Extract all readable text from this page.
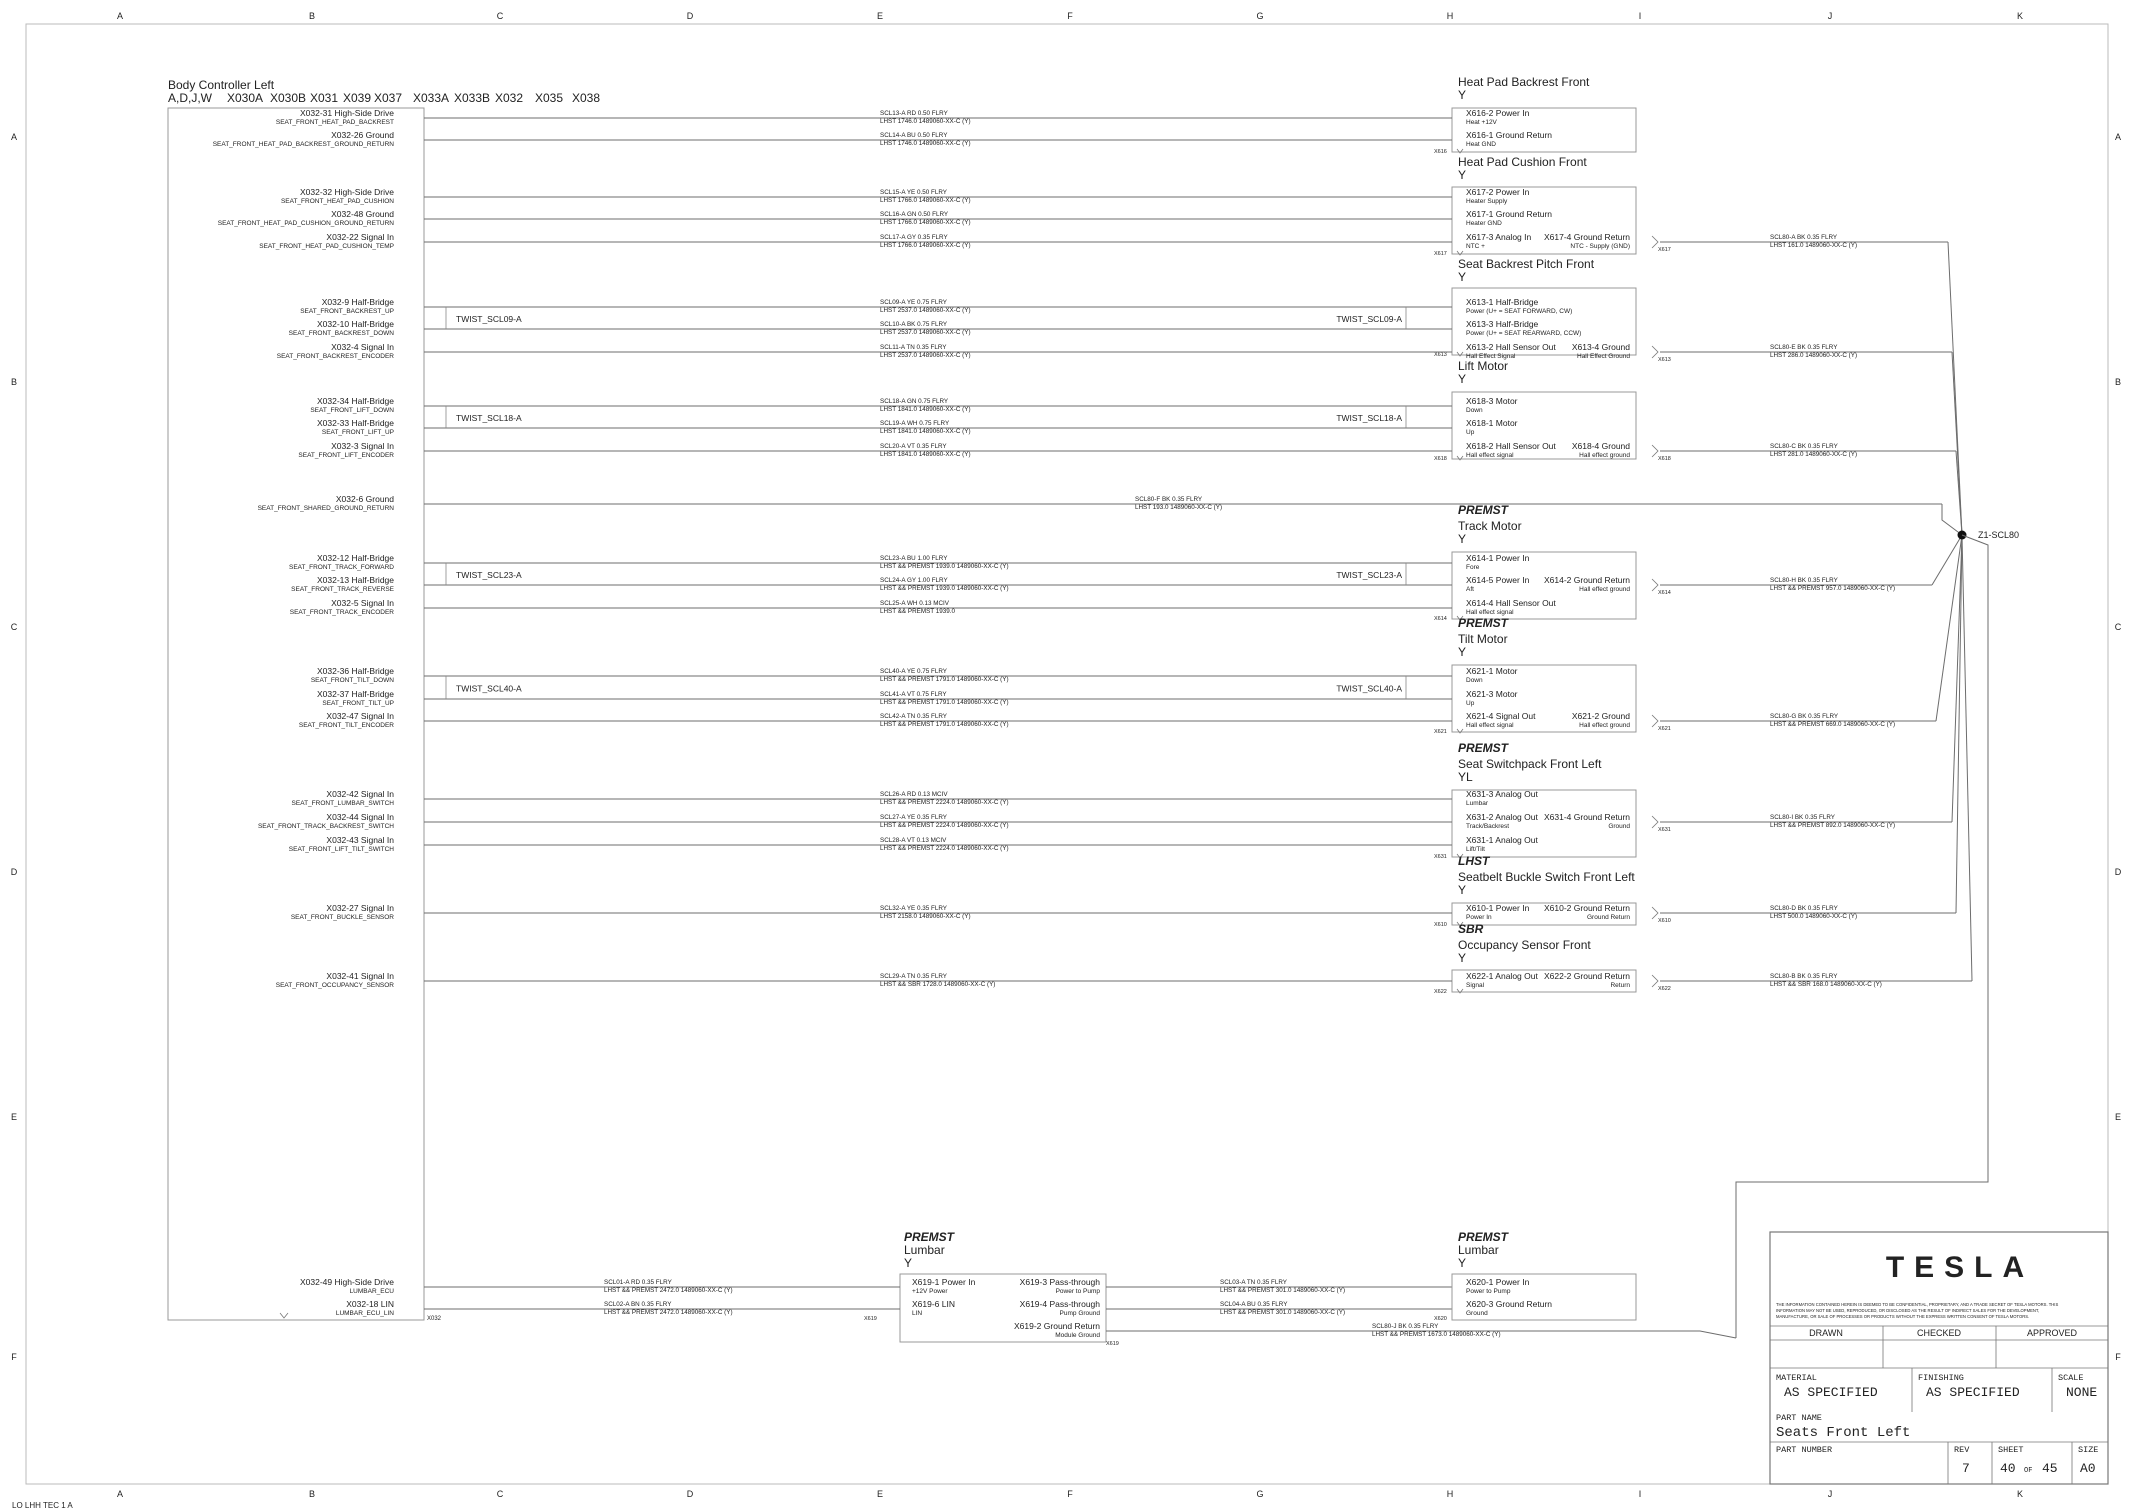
A
A
B
B
C
C
D
D
E
E
F
F
G
G
H
H
I
I
J
J
K
K
A	A
B	B
C	C
D	D
E	E
F	F
Body Controller Left
A,D,J,W X030A X030B X031 X039 X037 X033A X033B X032 X035 X038
X032
X032-31 High-Side Drive
SEAT_FRONT_HEAT_PAD_BACKREST
X032-26 Ground
SEAT_FRONT_HEAT_PAD_BACKREST_GROUND_RETURN
X032-32 High-Side Drive
SEAT_FRONT_HEAT_PAD_CUSHION
X032-48 Ground
SEAT_FRONT_HEAT_PAD_CUSHION_GROUND_RETURN
X032-22 Signal In
SEAT_FRONT_HEAT_PAD_CUSHION_TEMP
X032-9 Half-Bridge
SEAT_FRONT_BACKREST_UP
X032-10 Half-Bridge
SEAT_FRONT_BACKREST_DOWN
X032-4 Signal In
SEAT_FRONT_BACKREST_ENCODER
X032-34 Half-Bridge
SEAT_FRONT_LIFT_DOWN
X032-33 Half-Bridge
SEAT_FRONT_LIFT_UP
X032-3 Signal In
SEAT_FRONT_LIFT_ENCODER
X032-6 Ground
SEAT_FRONT_SHARED_GROUND_RETURN
X032-12 Half-Bridge
SEAT_FRONT_TRACK_FORWARD
X032-13 Half-Bridge
SEAT_FRONT_TRACK_REVERSE
X032-5 Signal In
SEAT_FRONT_TRACK_ENCODER
X032-36 Half-Bridge
SEAT_FRONT_TILT_DOWN
X032-37 Half-Bridge
SEAT_FRONT_TILT_UP
X032-47 Signal In
SEAT_FRONT_TILT_ENCODER
X032-42 Signal In
SEAT_FRONT_LUMBAR_SWITCH
X032-44 Signal In
SEAT_FRONT_TRACK_BACKREST_SWITCH
X032-43 Signal In
SEAT_FRONT_LIFT_TILT_SWITCH
X032-27 Signal In
SEAT_FRONT_BUCKLE_SENSOR
X032-41 Signal In
SEAT_FRONT_OCCUPANCY_SENSOR
X032-49 High-Side Drive
LUMBAR_ECU
X032-18 LIN
LUMBAR_ECU_LIN
Heat Pad Backrest Front
Y
X616-2 Power In
Heat +12V
X616-1 Ground Return
Heat GND
X616
Heat Pad Cushion Front
Y
X617-2 Power In
Heater Supply
X617-1 Ground Return
Heater GND
X617-3 Analog In
NTC +
X617-4 Ground Return
NTC - Supply (GND)
X617
Seat Backrest Pitch Front
Y
X613-1 Half-Bridge
Power (U+ = SEAT FORWARD, CW)
X613-3 Half-Bridge
Power (U+ = SEAT REARWARD, CCW)
X613-2 Hall Sensor Out
Hall Effect Signal
X613-4 Ground
Hall Effect Ground
X613
Lift Motor
Y
X618-3 Motor
Down
X618-1 Motor
Up
X618-2 Hall Sensor Out
Hall effect signal
X618-4 Ground
Hall effect ground
X618
PREMST
Track Motor
Y
X614-1 Power In
Fore
X614-5 Power In
Aft
X614-4 Hall Sensor Out
Hall effect signal
X614-2 Ground Return
Hall effect ground
X614 PREMST
Tilt Motor
Y
X621-1 Motor
Down
X621-3 Motor
Up
X621-4 Signal Out
Hall effect signal
X621-2 Ground
Hall effect ground
X621
PREMST
Seat Switchpack Front Left
YL
X631-3 Analog Out
Lumbar
X631-2 Analog Out
Track/Backrest
X631-1 Analog Out
Lift/Tilt
X631-4 Ground Return
Ground
X631 LHST
Seatbelt Buckle Switch Front Left
Y
X610-1 Power In
Power In
X610-2 Ground Return
Ground Return
X610 SBR
Occupancy Sensor Front
Y
X622-1 Analog Out
Signal
X622-2 Ground Return
Return
X622
SCL13-A RD 0.50 FLRY
LHST 1746.0 1489060-XX-C (Y)
SCL14-A BU 0.50 FLRY
LHST 1746.0 1489060-XX-C (Y)
SCL15-A YE 0.50 FLRY
LHST 1766.0 1489060-XX-C (Y)
SCL16-A GN 0.50 FLRY
LHST 1766.0 1489060-XX-C (Y)
SCL17-A GY 0.35 FLRY
LHST 1766.0 1489060-XX-C (Y)
SCL09-A YE 0.75 FLRY
LHST 2537.0 1489060-XX-C (Y)
SCL10-A BK 0.75 FLRY
LHST 2537.0 1489060-XX-C (Y)
SCL11-A TN 0.35 FLRY
LHST 2537.0 1489060-XX-C (Y)
SCL18-A GN 0.75 FLRY
LHST 1841.0 1489060-XX-C (Y)
SCL19-A WH 0.75 FLRY
LHST 1841.0 1489060-XX-C (Y)
SCL20-A VT 0.35 FLRY
LHST 1841.0 1489060-XX-C (Y)
SCL80-F BK 0.35 FLRY
LHST 193.0 1489060-XX-C (Y)
SCL23-A BU 1.00 FLRY
LHST && PREMST 1939.0 1489060-XX-C (Y)
SCL24-A GY 1.00 FLRY
LHST && PREMST 1939.0 1489060-XX-C (Y)
SCL25-A WH 0.13 MCIV
LHST && PREMST 1939.0
SCL40-A YE 0.75 FLRY
LHST && PREMST 1791.0 1489060-XX-C (Y)
SCL41-A VT 0.75 FLRY
LHST && PREMST 1791.0 1489060-XX-C (Y)
SCL42-A TN 0.35 FLRY
LHST && PREMST 1791.0 1489060-XX-C (Y)
SCL26-A RD 0.13 MCIV
LHST && PREMST 2224.0 1489060-XX-C (Y)
SCL27-A YE 0.35 FLRY
LHST && PREMST 2224.0 1489060-XX-C (Y)
SCL28-A VT 0.13 MCIV
LHST && PREMST 2224.0 1489060-XX-C (Y)
SCL32-A YE 0.35 FLRY
LHST 2158.0 1489060-XX-C (Y)
SCL29-A TN 0.35 FLRY
LHST && SBR 1728.0 1489060-XX-C (Y)
TWIST_SCL09-A	TWIST_SCL09-A
TWIST_SCL18-A	TWIST_SCL18-A
TWIST_SCL23-A	TWIST_SCL23-A
TWIST_SCL40-A	TWIST_SCL40-A
SCL80-A BK 0.35 FLRY
LHST 161.0 1489060-XX-C (Y)
X617
SCL80-E BK 0.35 FLRY
LHST 286.0 1489060-XX-C (Y)
X613
SCL80-C BK 0.35 FLRY
LHST 281.0 1489060-XX-C (Y)
X618
SCL80-H BK 0.35 FLRY
LHST && PREMST 957.0 1489060-XX-C (Y)
X614
SCL80-G BK 0.35 FLRY
LHST && PREMST 669.0 1489060-XX-C (Y)
X621
SCL80-I BK 0.35 FLRY
LHST && PREMST 892.0 1489060-XX-C (Y)
X631
SCL80-D BK 0.35 FLRY
LHST 500.0 1489060-XX-C (Y)
X610
SCL80-B BK 0.35 FLRY
LHST && SBR 168.0 1489060-XX-C (Y)
X622
Z1-SCL80
PREMST
Lumbar
Y
X619-1 Power In
+12V Power
SCL01-A RD 0.35 FLRY
LHST && PREMST 2472.0 1489060-XX-C (Y)
X619-6 LIN
LIN
SCL02-A BN 0.35 FLRY
LHST && PREMST 2472.0 1489060-XX-C (Y)
X619-3 Pass-through
Power to Pump
X619-4 Pass-through
Pump Ground
X619-2 Ground Return
Module Ground
X619
X619
SCL03-A TN 0.35 FLRY
LHST && PREMST 301.0 1489060-XX-C (Y)
SCL04-A BU 0.35 FLRY
LHST && PREMST 301.0 1489060-XX-C (Y)
SCL80-J BK 0.35 FLRY
LHST && PREMST 1673.0 1489060-XX-C (Y)
PREMST
Lumbar
Y
X620-1 Power In
Power to Pump
X620-3 Ground Return
Ground
X620
TESLA
THE INFORMATION CONTAINED HEREIN IS DEEMED TO BE CONFIDENTIAL, PROPRIETARY, AND A TRADE SECRET OF TESLA MOTORS. THIS INFORMATION MAY NOT BE USED, REPRODUCED, OR DISCLOSED AS THE RESULT OF INDIRECT SALES FOR THE DEVELOPMENT, MANUFACTURE, OR SALE OF PROCESSES OR PRODUCTS WITHOUT THE EXPRESS WRITTEN CONSENT OF TESLA MOTORS.
DRAWN	CHECKED	APPROVED
MATERIAL
AS SPECIFIED
FINISHING
AS SPECIFIED
SCALE
NONE
PART NAME
Seats Front Left
PART NUMBER	REV
7
SHEET
40 OF 45
SIZE
A0
LO LHH TEC 1 A
